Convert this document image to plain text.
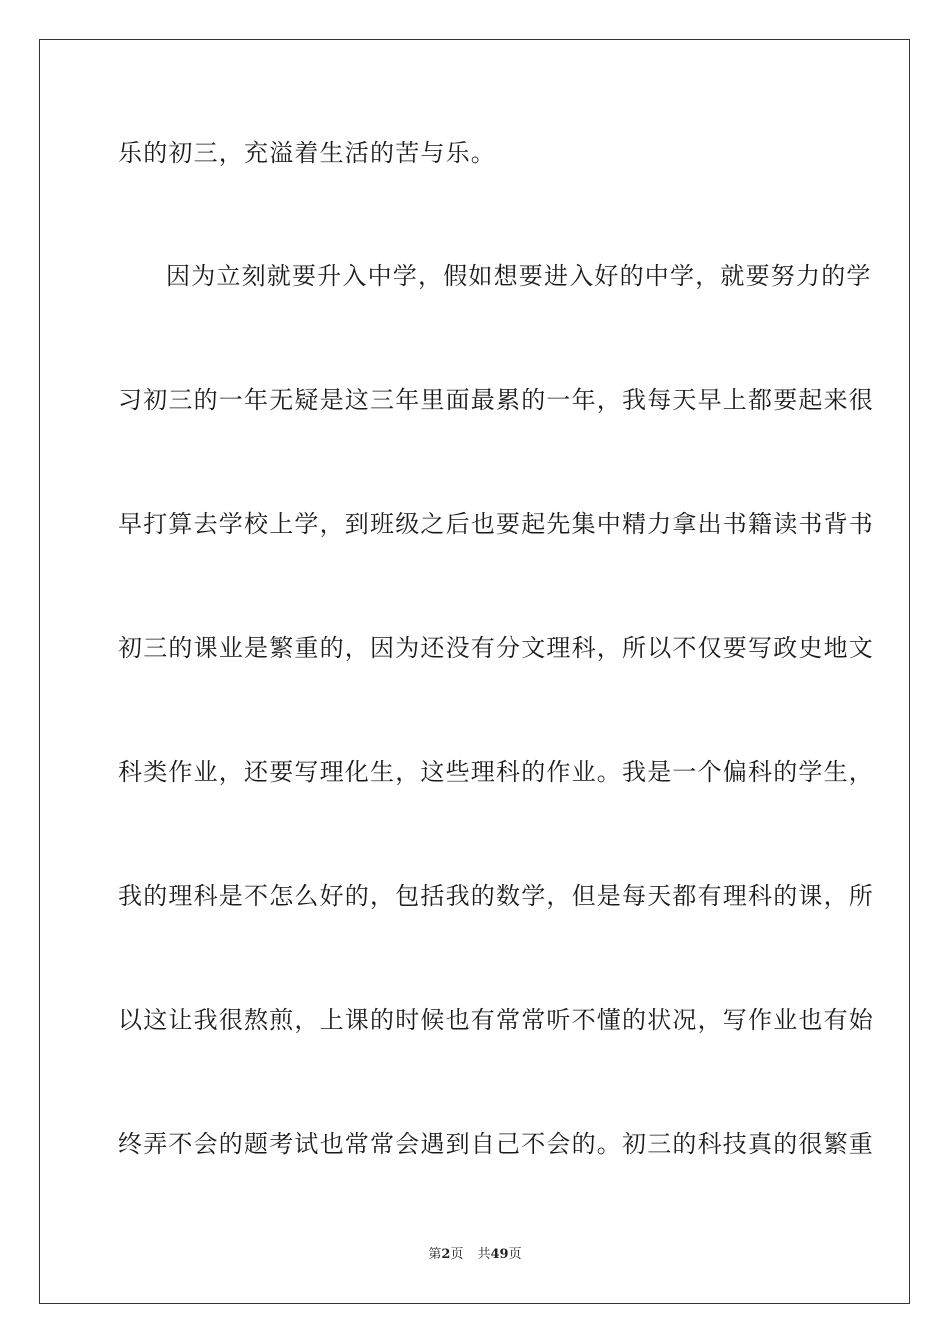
乐的初三，充溢着生活的苦与乐。
因为立刻就要升入中学，假如想要进入好的中学，就要努力的学
习初三的一年无疑是这三年里面最累的一年，我每天早上都要起来很
早打算去学校上学，到班级之后也要起先集中精力拿出书籍读书背书
初三的课业是繁重的，因为还没有分文理科，所以不仅要写政史地文
科类作业，还要写理化生，这些理科的作业。我是一个偏科的学生，
我的理科是不怎么好的，包括我的数学，但是每天都有理科的课，所
以这让我很熬煎，上课的时候也有常常听不懂的状况，写作业也有始
终弄不会的题考试也常常会遇到自己不会的。初三的科技真的很繁重
第2页 共49页
